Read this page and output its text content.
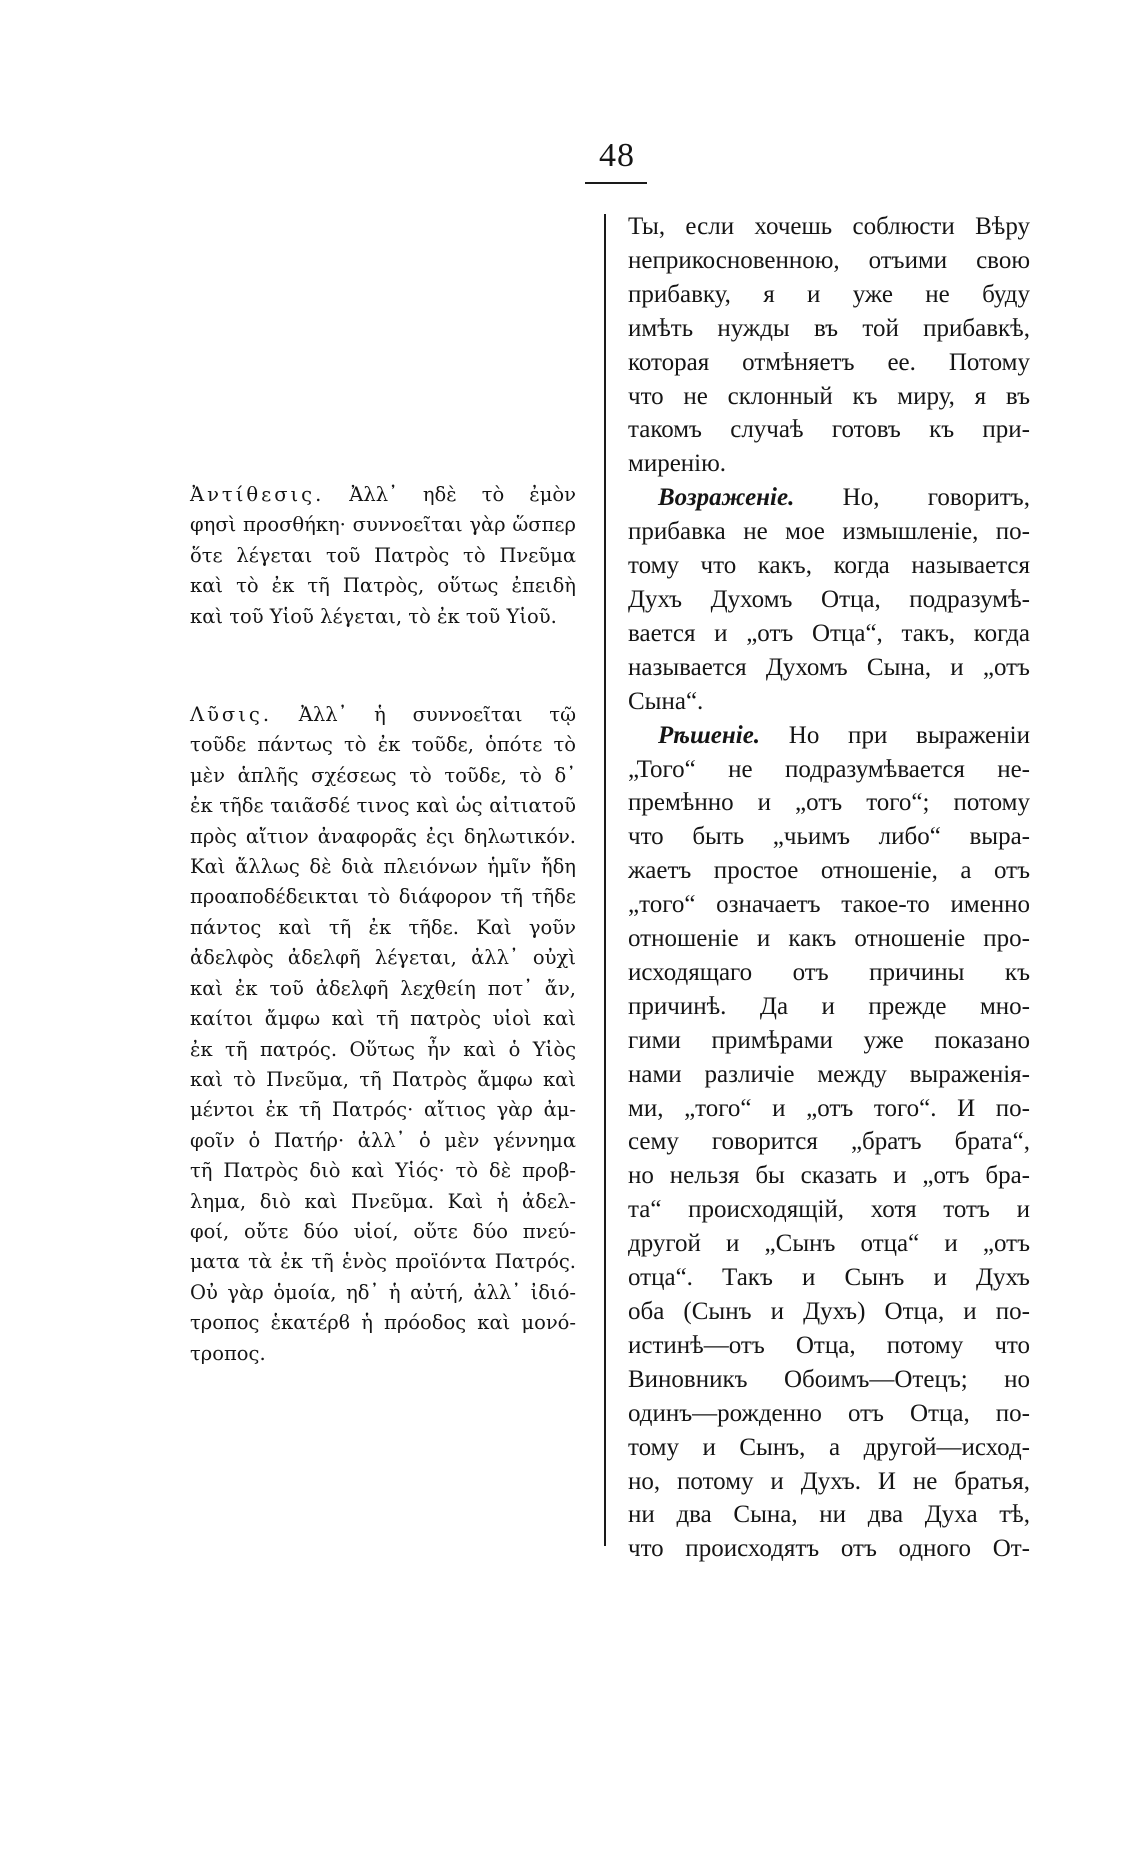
48
Ἀντίθεσις. Ἀλλ᾽ ηδὲ τὸ ἐμὸν
φησὶ προσθήκη· συννοεῖται γὰρ ὥσπερ
ὅτε λέγεται τοῦ Πατρὸς τὸ Πνεῦμα
καὶ τὸ ἐκ τῆ Πατρὸς, οὕτως ἐπειδὴ
καὶ τοῦ Υἱοῦ λέγεται, τὸ ἐκ τοῦ Υἱοῦ.
Λῦσις. Ἀλλ᾽ ἡ συννοεῖται τῷ
τοῦδε πάντως τὸ ἐκ τοῦδε, ὁπότε τὸ
μὲν ἁπλῆς σχέσεως τὸ τοῦδε, τὸ δ᾽
ἐκ τῆδε ταιᾶσδέ τινος καὶ ὡς αἰτιατοῦ
πρὸς αἴτιον ἀναφορᾶς ἐςι δηλωτικόν.
Καὶ ἄλλως δὲ διὰ πλειόνων ἡμῖν ἤδη
προαποδέδεικται τὸ διάφορον τῆ τῆδε
πάντος καὶ τῆ ἐκ τῆδε. Καὶ γοῦν
ἀδελφὸς ἀδελφῆ λέγεται, ἀλλ᾽ οὐχὶ
καὶ ἐκ τοῦ ἀδελφῆ λεχθείη ποτ᾽ ἄν,
καίτοι ἄμφω καὶ τῆ πατρὸς υἱοὶ καὶ
ἐκ τῆ πατρός. Οὕτως ἦν καὶ ὁ Υἱὸς
καὶ τὸ Πνεῦμα, τῆ Πατρὸς ἄμφω καὶ
μέντοι ἐκ τῆ Πατρός· αἴτιος γὰρ ἀμ-
φοῖν ὁ Πατήρ· ἀλλ᾽ ὁ μὲν γέννημα
τῆ Πατρὸς διὸ καὶ Υἱός· τὸ δὲ προβ-
λημα, διὸ καὶ Πνεῦμα. Καὶ ἡ ἀδελ-
φοί, οὔτε δύο υἱοί, οὔτε δύο πνεύ-
ματα τὰ ἐκ τῆ ἑνὸς προϊόντα Πατρός.
Οὐ γὰρ ὁμοία, ηδ᾽ ἡ αὐτή, ἀλλ᾽ ἰδιό-
τροπος ἑκατέρϐ ἡ πρόοδος καὶ μονό-
τροπος.
Ты, если хочешь соблюсти Вѣру
неприкосновенною, отъими свою
прибавку, я и уже не буду
имѣть нужды въ той прибавкѣ,
которая отмѣняетъ ее. Потому
что не склонный къ миру, я въ
такомъ случаѣ готовъ къ при-
миренію.
Возраженіе. Но, говоритъ,
прибавка не мое измышленіе, по-
тому что какъ, когда называется
Духъ Духомъ Отца, подразумѣ-
вается и „отъ Отца“, такъ, когда
называется Духомъ Сына, и „отъ
Сына“.
Рѣшеніе. Но при выраженіи
„Того“ не подразумѣвается не-
премѣнно и „отъ того“; потому
что быть „чьимъ либо“ выра-
жаетъ простое отношеніе, а отъ
„того“ означаетъ такое-то именно
отношеніе и какъ отношеніе про-
исходящаго отъ причины къ
причинѣ. Да и прежде мно-
гими примѣрами уже показано
нами различіе между выраженія-
ми, „того“ и „отъ того“. И по-
сему говорится „братъ брата“,
но нельзя бы сказать и „отъ бра-
та“ происходящій, хотя тотъ и
другой и „Сынъ отца“ и „отъ
отца“. Такъ и Сынъ и Духъ
оба (Сынъ и Духъ) Отца, и по-
истинѣ—отъ Отца, потому что
Виновникъ Обоимъ—Отецъ; но
одинъ—рожденно отъ Отца, по-
тому и Сынъ, а другой—исход-
но, потому и Духъ. И не братья,
ни два Сына, ни два Духа тѣ,
что происходятъ отъ одного От-
